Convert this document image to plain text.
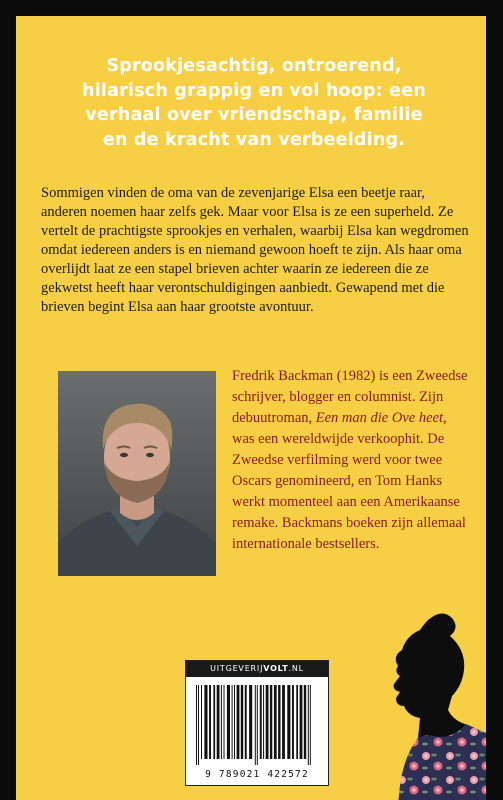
Sprookjesachtig, ontroerend,
hilarisch grappig en vol hoop: een
verhaal over vriendschap, familie
en de kracht van verbeelding.

Sommigen vinden de oma van de zevenjarige Elsa een beetje raar, anderen noemen haar zelfs gek. Maar voor Elsa is ze een superheld. Ze vertelt de prachtigste sprookjes en verhalen, waarbij Elsa kan wegdromen omdat iedereen anders is en niemand gewoon hoeft te zijn. Als haar oma overlijdt laat ze een stapel brieven achter waarin ze iedereen die ze gekwetst heeft haar verontschuldigingen aanbiedt. Gewapend met die brieven begint Elsa aan haar grootste avontuur.

Fredrik Backman (1982) is een Zweedse schrijver, blogger en columnist. Zijn debuutroman, Een man die Ove heet, was een wereldwijde verkoophit. De Zweedse verfilming werd voor twee Oscars genomineerd, en Tom Hanks werkt momenteel aan een Amerikaanse remake. Backmans boeken zijn allemaal internationale bestsellers.

UITGEVERIJVOLT.NL
9 789021 422572
